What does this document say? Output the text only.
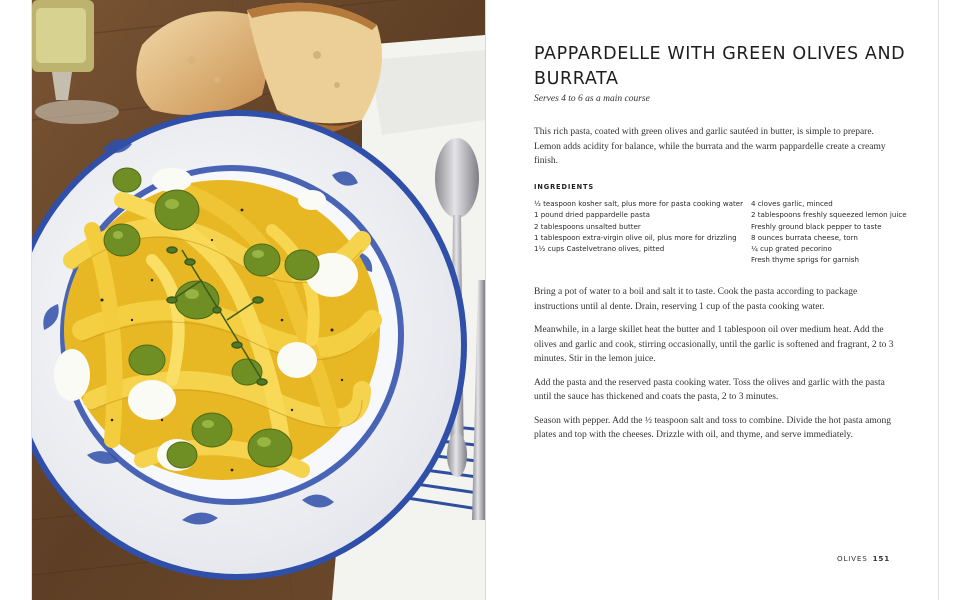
PAPPARDELLE WITH GREEN OLIVES AND BURRATA
Serves 4 to 6 as a main course

This rich pasta, coated with green olives and garlic sautéed in butter, is simple to prepare. Lemon adds acidity for balance, while the burrata and the warm pappardelle create a creamy finish.

INGREDIENTS
½ teaspoon kosher salt, plus more for pasta cooking water
1 pound dried pappardelle pasta
2 tablespoons unsalted butter
1 tablespoon extra-virgin olive oil, plus more for drizzling
1½ cups Castelvetrano olives, pitted
4 cloves garlic, minced
2 tablespoons freshly squeezed lemon juice
Freshly ground black pepper to taste
8 ounces burrata cheese, torn
¼ cup grated pecorino
Fresh thyme sprigs for garnish

Bring a pot of water to a boil and salt it to taste. Cook the pasta according to package instructions until al dente. Drain, reserving 1 cup of the pasta cooking water.

Meanwhile, in a large skillet heat the butter and 1 tablespoon oil over medium heat. Add the olives and garlic and cook, stirring occasionally, until the garlic is softened and fragrant, 2 to 3 minutes. Stir in the lemon juice.

Add the pasta and the reserved pasta cooking water. Toss the olives and garlic with the pasta until the sauce has thickened and coats the pasta, 2 to 3 minutes.

Season with pepper. Add the ½ teaspoon salt and toss to combine. Divide the hot pasta among plates and top with the cheeses. Drizzle with oil, and thyme, and serve immediately.

OLIVES 151
